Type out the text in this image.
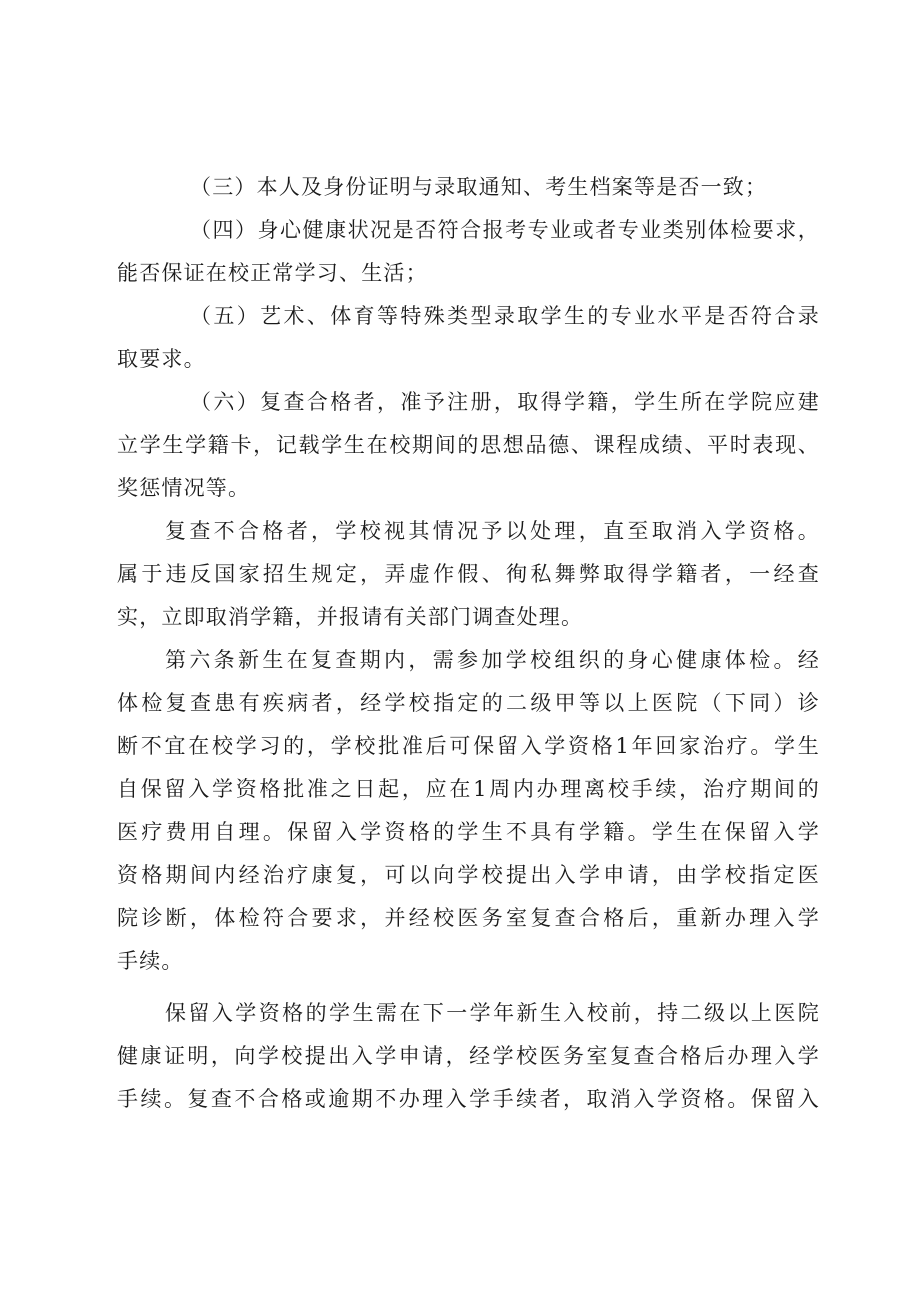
（三）本人及身份证明与录取通知、考生档案等是否一致；
（四）身心健康状况是否符合报考专业或者专业类别体检要求，
能否保证在校正常学习、生活；
（五）艺术、体育等特殊类型录取学生的专业水平是否符合录
取要求。
（六）复查合格者，准予注册，取得学籍，学生所在学院应建
立学生学籍卡，记载学生在校期间的思想品德、课程成绩、平时表现、
奖惩情况等。
复查不合格者，学校视其情况予以处理，直至取消入学资格。
属于违反国家招生规定，弄虚作假、徇私舞弊取得学籍者，一经查
实，立即取消学籍，并报请有关部门调查处理。
第六条新生在复查期内，需参加学校组织的身心健康体检。经
体检复查患有疾病者，经学校指定的二级甲等以上医院（下同）诊
断不宜在校学习的，学校批准后可保留入学资格1年回家治疗。学生
自保留入学资格批准之日起，应在1周内办理离校手续，治疗期间的
医疗费用自理。保留入学资格的学生不具有学籍。学生在保留入学
资格期间内经治疗康复，可以向学校提出入学申请，由学校指定医
院诊断，体检符合要求，并经校医务室复查合格后，重新办理入学
手续。
保留入学资格的学生需在下一学年新生入校前，持二级以上医院
健康证明，向学校提出入学申请，经学校医务室复查合格后办理入学
手续。复查不合格或逾期不办理入学手续者，取消入学资格。保留入
